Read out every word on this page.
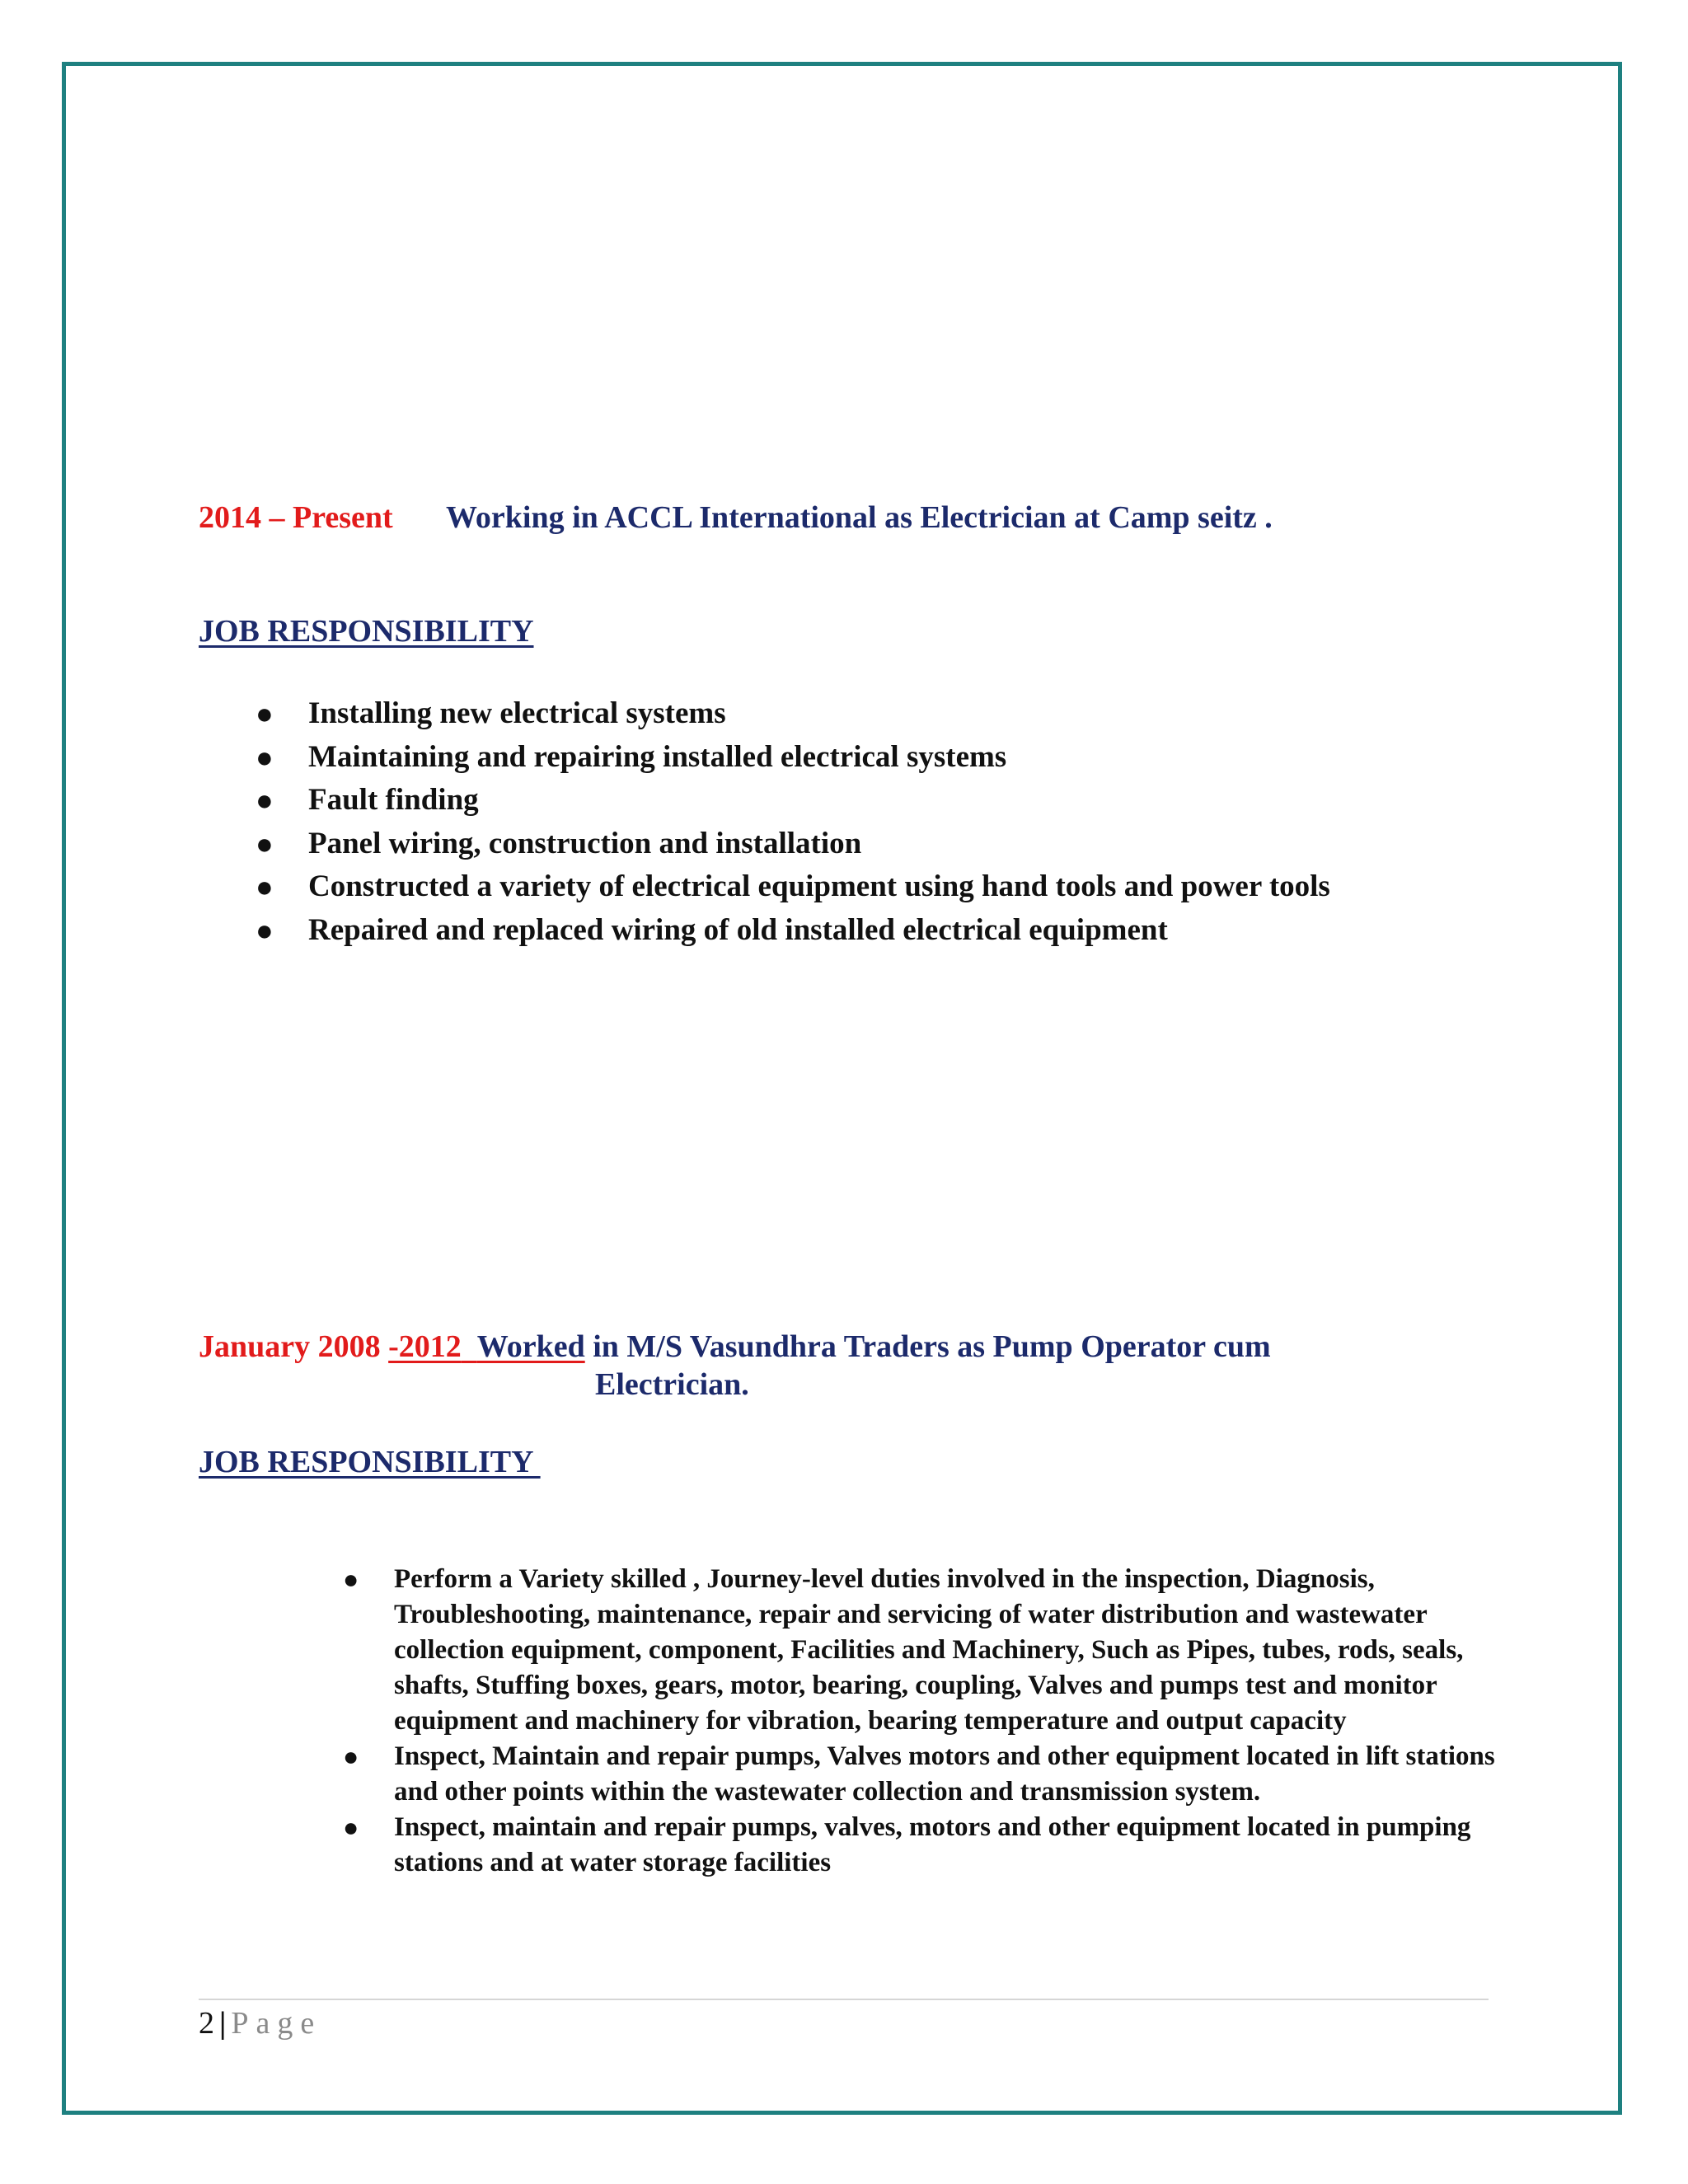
2014 – Present Working in ACCL International as Electrician at Camp seitz .
JOB RESPONSIBILITY
● Installing new electrical systems
● Maintaining and repairing installed electrical systems
● Fault finding
● Panel wiring, construction and installation
● Constructed a variety of electrical equipment using hand tools and power tools
● Repaired and replaced wiring of old installed electrical equipment
January 2008 -2012 Worked in M/S Vasundhra Traders as Pump Operator cum
Electrician.
JOB RESPONSIBILITY
● Perform a Variety skilled , Journey-level duties involved in the inspection, Diagnosis, Troubleshooting, maintenance, repair and servicing of water distribution and wastewater collection equipment, component, Facilities and Machinery, Such as Pipes, tubes, rods, seals, shafts, Stuffing boxes, gears, motor, bearing, coupling, Valves and pumps test and monitor equipment and machinery for vibration, bearing temperature and output capacity
● Inspect, Maintain and repair pumps, Valves motors and other equipment located in lift stations and other points within the wastewater collection and transmission system.
● Inspect, maintain and repair pumps, valves, motors and other equipment located in pumping stations and at water storage facilities
2 | Page
